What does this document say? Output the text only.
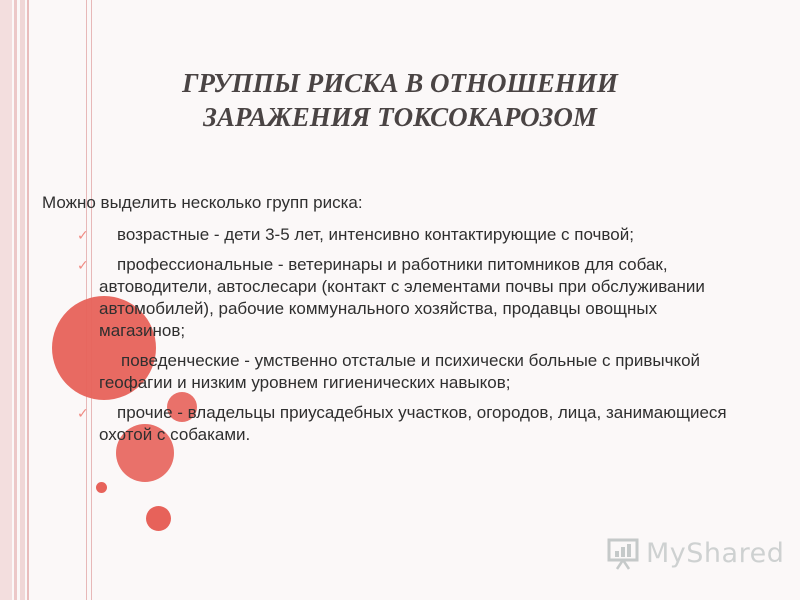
ГРУППЫ РИСКА В ОТНОШЕНИИ
ЗАРАЖЕНИЯ ТОКСОКАРОЗОМ

Можно выделить несколько групп риска:

✓ возрастные - дети 3-5 лет, интенсивно контактирующие с почвой;
✓ профессиональные - ветеринары и работники питомников для собак, автоводители, автослесари (контакт с элементами почвы при обслуживании автомобилей), рабочие коммунального хозяйства, продавцы овощных магазинов;
поведенческие - умственно отсталые и психически больные с привычкой геофагии и низким уровнем гигиенических навыков;
✓ прочие - владельцы приусадебных участков, огородов, лица, занимающиеся охотой с собаками.
MyShared
